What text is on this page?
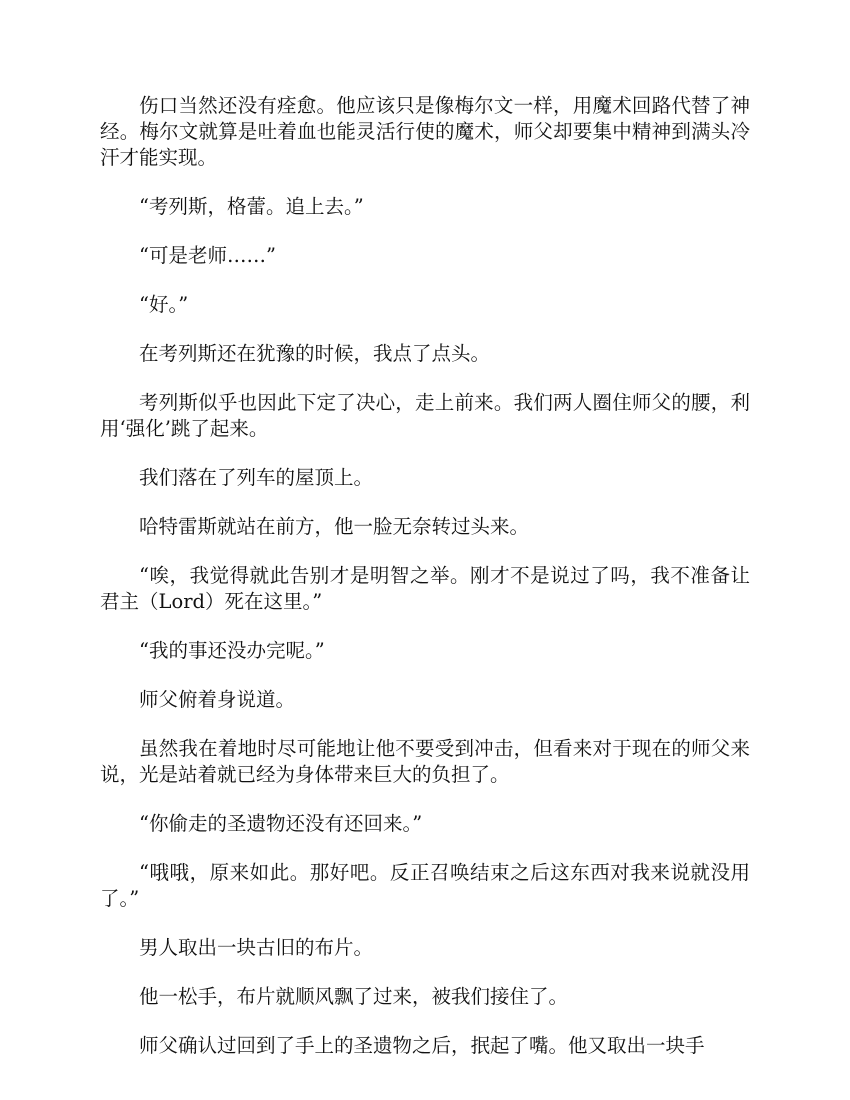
伤口当然还没有痊愈。他应该只是像梅尔文一样，用魔术回路代替了神经。梅尔文就算是吐着血也能灵活行使的魔术，师父却要集中精神到满头冷汗才能实现。

“考列斯，格蕾。追上去。”

“可是老师……”

“好。”

在考列斯还在犹豫的时候，我点了点头。

考列斯似乎也因此下定了决心，走上前来。我们两人圈住师父的腰，利用‘强化’跳了起来。

我们落在了列车的屋顶上。

哈特雷斯就站在前方，他一脸无奈转过头来。

“唉，我觉得就此告别才是明智之举。刚才不是说过了吗，我不准备让君主（Lord）死在这里。”

“我的事还没办完呢。”

师父俯着身说道。

虽然我在着地时尽可能地让他不要受到冲击，但看来对于现在的师父来说，光是站着就已经为身体带来巨大的负担了。

“你偷走的圣遗物还没有还回来。”

“哦哦，原来如此。那好吧。反正召唤结束之后这东西对我来说就没用了。”

男人取出一块古旧的布片。

他一松手，布片就顺风飘了过来，被我们接住了。

师父确认过回到了手上的圣遗物之后，抿起了嘴。他又取出一块手
